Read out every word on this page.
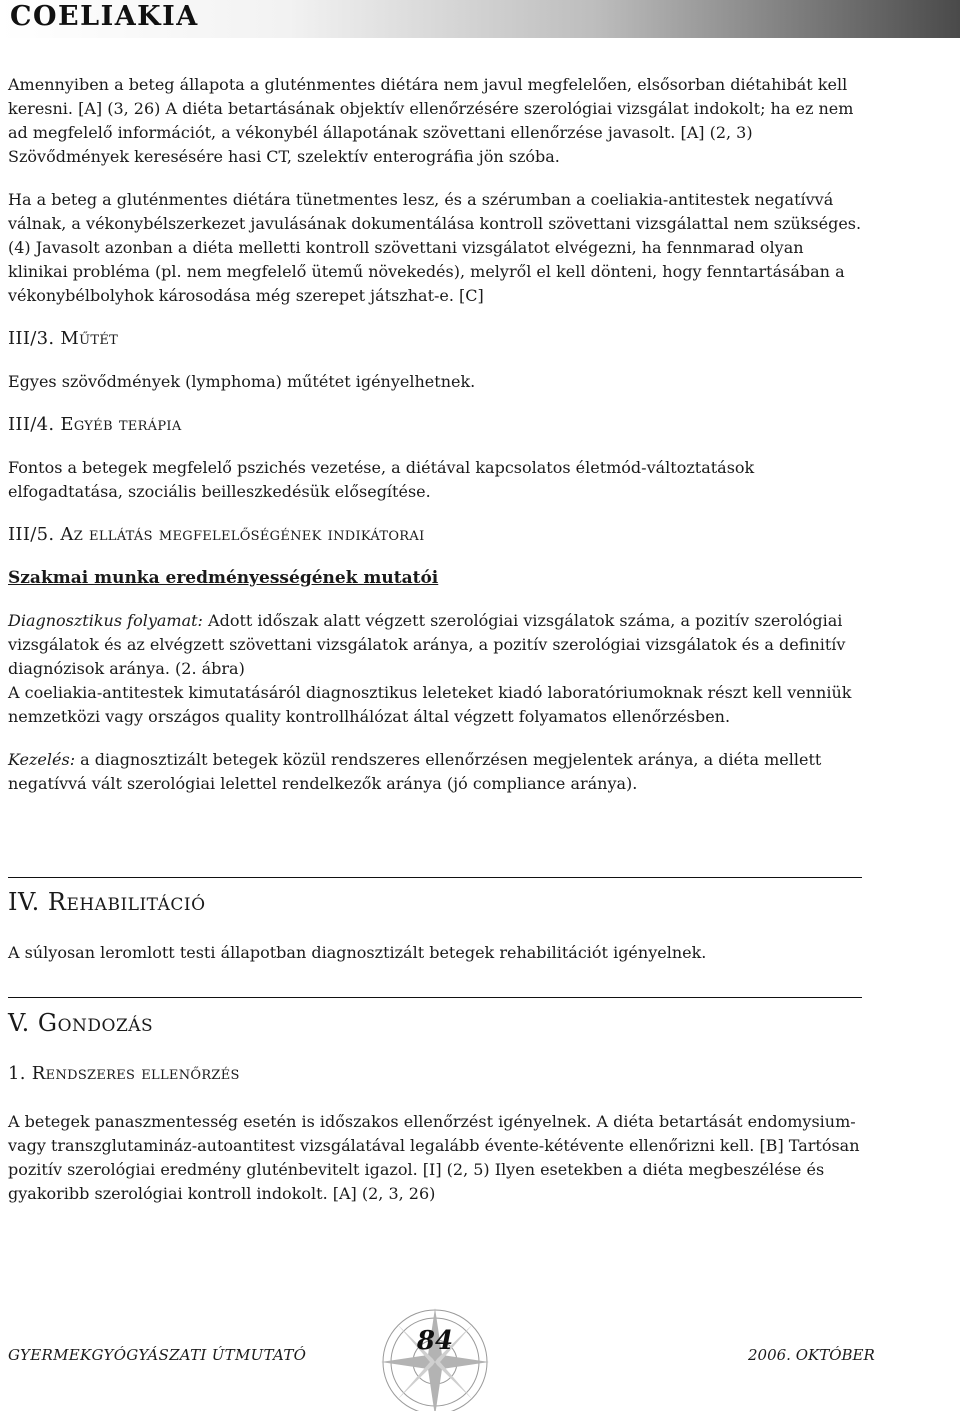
COELIAKIA

Amennyiben a beteg állapota a gluténmentes diétára nem javul megfelelően, elsősorban diétahibát kell keresni. [A] (3, 26) A diéta betartásának objektív ellenőrzésére szerológiai vizsgálat indokolt; ha ez nem ad megfelelő információt, a vékonybél állapotának szövettani ellenőrzése javasolt. [A] (2, 3) Szövődmények keresésére hasi CT, szelektív enterográfia jön szóba.

Ha a beteg a gluténmentes diétára tünetmentes lesz, és a szérumban a coeliakia-antitestek negatívvá válnak, a vékonybélszerkezet javulásának dokumentálása kontroll szövettani vizsgálattal nem szükséges. (4) Javasolt azonban a diéta melletti kontroll szövettani vizsgálatot elvégezni, ha fennmarad olyan klinikai probléma (pl. nem megfelelő ütemű növekedés), melyről el kell dönteni, hogy fenntartásában a vékonybélbolyhok károsodása még szerepet játszhat-e. [C]

III/3. Műtét

Egyes szövődmények (lymphoma) műtétet igényelhetnek.

III/4. Egyéb terápia

Fontos a betegek megfelelő pszichés vezetése, a diétával kapcsolatos életmód-változtatások elfogadtatása, szociális beilleszkedésük elősegítése.

III/5. Az ellátás megfelelőségének indikátorai
Szakmai munka eredményességének mutatói

Diagnosztikus folyamat: Adott időszak alatt végzett szerológiai vizsgálatok száma, a pozitív szerológiai vizsgálatok és az elvégzett szövettani vizsgálatok aránya, a pozitív szerológiai vizsgálatok és a definitív diagnózisok aránya. (2. ábra)

A coeliakia-antitestek kimutatásáról diagnosztikus leleteket kiadó laboratóriumoknak részt kell venniük nemzetközi vagy országos quality kontrollhálózat által végzett folyamatos ellenőrzésben.

Kezelés: a diagnosztizált betegek közül rendszeres ellenőrzésen megjelentek aránya, a diéta mellett negatívvá vált szerológiai lelettel rendelkezők aránya (jó compliance aránya).

IV. Rehabilitáció

A súlyosan leromlott testi állapotban diagnosztizált betegek rehabilitációt igényelnek.

V. Gondozás
1. Rendszeres ellenőrzés

A betegek panaszmentesség esetén is időszakos ellenőrzést igényelnek. A diéta betartását endomysium- vagy transzglutamináz-autoantitest vizsgálatával legalább évente-kétévente ellenőrizni kell. [B] Tartósan pozitív szerológiai eredmény gluténbevitelt igazol. [I] (2, 5) Ilyen esetekben a diéta megbeszélése és gyakoribb szerológiai kontroll indokolt. [A] (2, 3, 26)

GYERMEKGYÓGYÁSZATI ÚTMUTATÓ	84	2006. OKTÓBER
